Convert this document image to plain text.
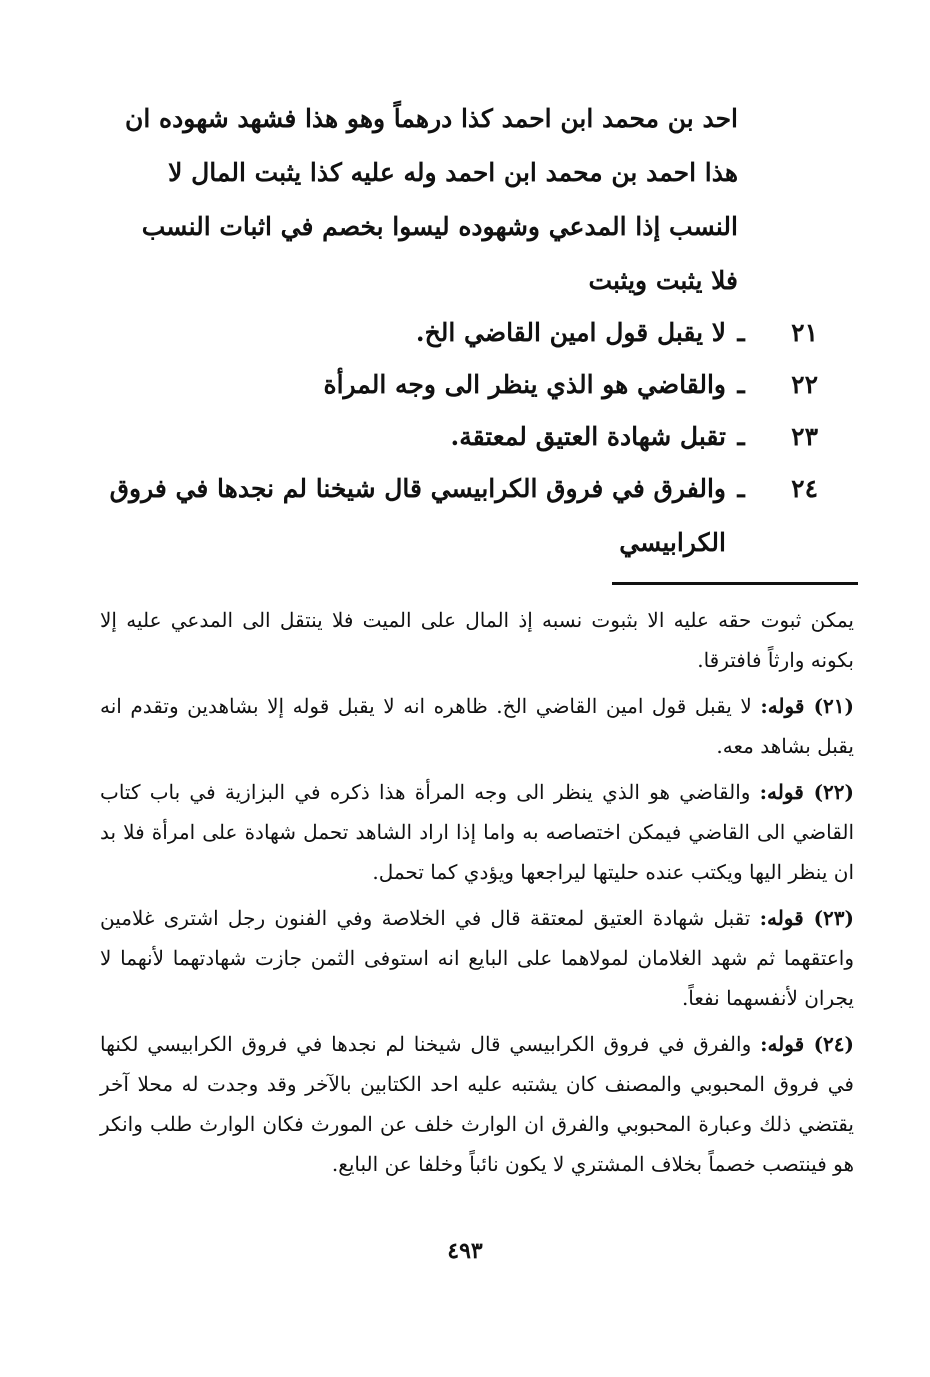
احد بن محمد ابن احمد كذا درهماً وهو هذا فشهد شهوده ان هذا احمد بن محمد ابن احمد وله عليه كذا يثبت المال لا النسب إذا المدعي وشهوده ليسوا بخصم في اثبات النسب فلا يثبت ويثبت
٢١
ـ
لا يقبل قول امين القاضي الخ.
٢٢
ـ
والقاضي هو الذي ينظر الى وجه المرأة
٢٣
ـ
تقبل شهادة العتيق لمعتقة.
٢٤
ـ
والفرق في فروق الكرابيسي قال شيخنا لم نجدها في فروق الكرابيسي
يمكن ثبوت حقه عليه الا بثبوت نسبه إذ المال على الميت فلا ينتقل الى المدعي عليه إلا بكونه وارثاً فافترقا.
(٢١) قوله: لا يقبل قول امين القاضي الخ. ظاهره انه لا يقبل قوله إلا بشاهدين وتقدم انه يقبل بشاهد معه.
(٢٢) قوله: والقاضي هو الذي ينظر الى وجه المرأة هذا ذكره في البزازية في باب كتاب القاضي الى القاضي فيمكن اختصاصه به واما إذا اراد الشاهد تحمل شهادة على امرأة فلا بد ان ينظر اليها ويكتب عنده حليتها ليراجعها ويؤدي كما تحمل.
(٢٣) قوله: تقبل شهادة العتيق لمعتقة قال في الخلاصة وفي الفنون رجل اشترى غلامين واعتقهما ثم شهد الغلامان لمولاهما على البايع انه استوفى الثمن جازت شهادتهما لأنهما لا يجران لأنفسهما نفعاً.
(٢٤) قوله: والفرق في فروق الكرابيسي قال شيخنا لم نجدها في فروق الكرابيسي لكنها في فروق المحبوبي والمصنف كان يشتبه عليه احد الكتابين بالآخر وقد وجدت له محلا آخر يقتضي ذلك وعبارة المحبوبي والفرق ان الوارث خلف عن المورث فكان الوارث طلب وانكر هو فينتصب خصماً بخلاف المشتري لا يكون نائباً وخلفا عن البايع.
٤٩٣
